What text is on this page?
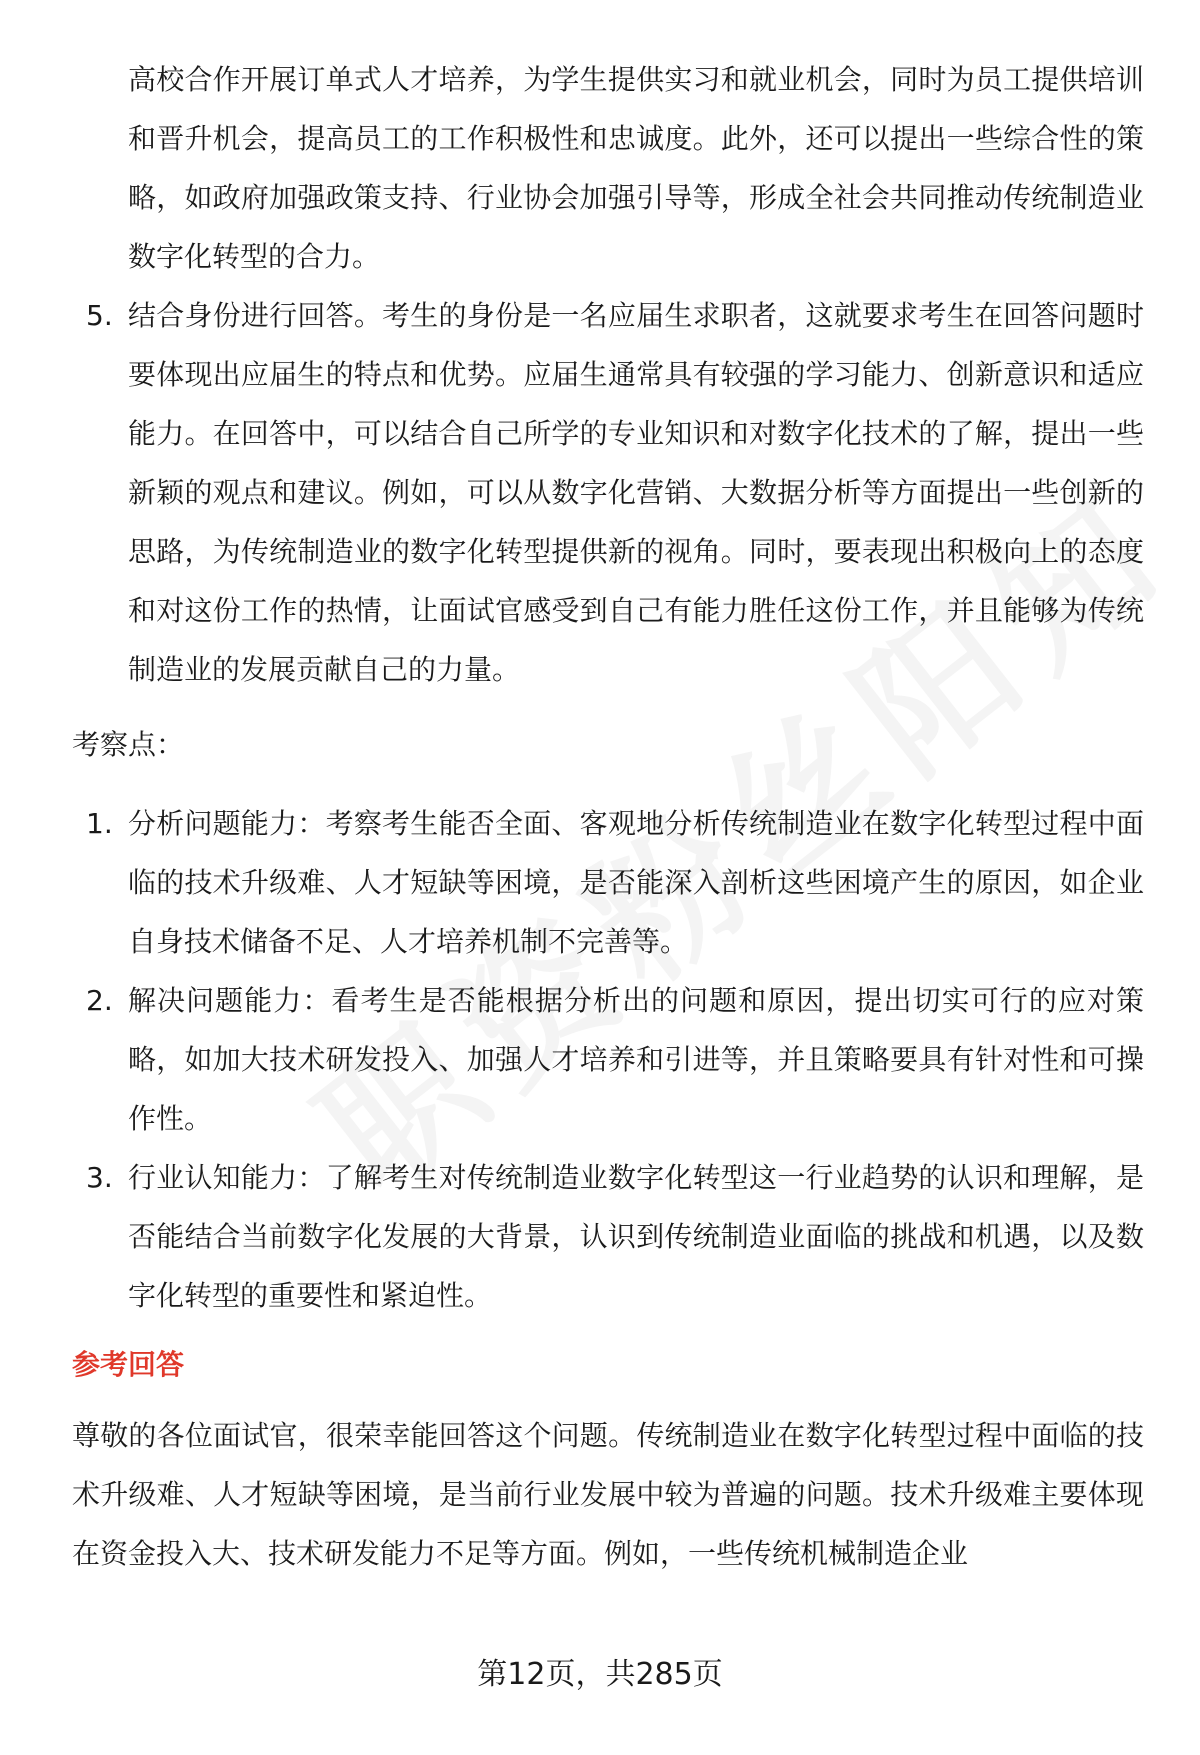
高校合作开展订单式人才培养，为学生提供实习和就业机会，同时为员工提供培训和晋升机会，提高员工的工作积极性和忠诚度。此外，还可以提出一些综合性的策略，如政府加强政策支持、行业协会加强引导等，形成全社会共同推动传统制造业数字化转型的合力。

5. 结合身份进行回答。考生的身份是一名应届生求职者，这就要求考生在回答问题时要体现出应届生的特点和优势。应届生通常具有较强的学习能力、创新意识和适应能力。在回答中，可以结合自己所学的专业知识和对数字化技术的了解，提出一些新颖的观点和建议。例如，可以从数字化营销、大数据分析等方面提出一些创新的思路，为传统制造业的数字化转型提供新的视角。同时，要表现出积极向上的态度和对这份工作的热情，让面试官感受到自己有能力胜任这份工作，并且能够为传统制造业的发展贡献自己的力量。

考察点：

1. 分析问题能力：考察考生能否全面、客观地分析传统制造业在数字化转型过程中面临的技术升级难、人才短缺等困境，是否能深入剖析这些困境产生的原因，如企业自身技术储备不足、人才培养机制不完善等。
2. 解决问题能力：看考生是否能根据分析出的问题和原因，提出切实可行的应对策略，如加大技术研发投入、加强人才培养和引进等，并且策略要具有针对性和可操作性。
3. 行业认知能力：了解考生对传统制造业数字化转型这一行业趋势的认识和理解，是否能结合当前数字化发展的大背景，认识到传统制造业面临的挑战和机遇，以及数字化转型的重要性和紧迫性。

参考回答

尊敬的各位面试官，很荣幸能回答这个问题。传统制造业在数字化转型过程中面临的技术升级难、人才短缺等困境，是当前行业发展中较为普遍的问题。技术升级难主要体现在资金投入大、技术研发能力不足等方面。例如，一些传统机械制造企业

第12页，共285页
